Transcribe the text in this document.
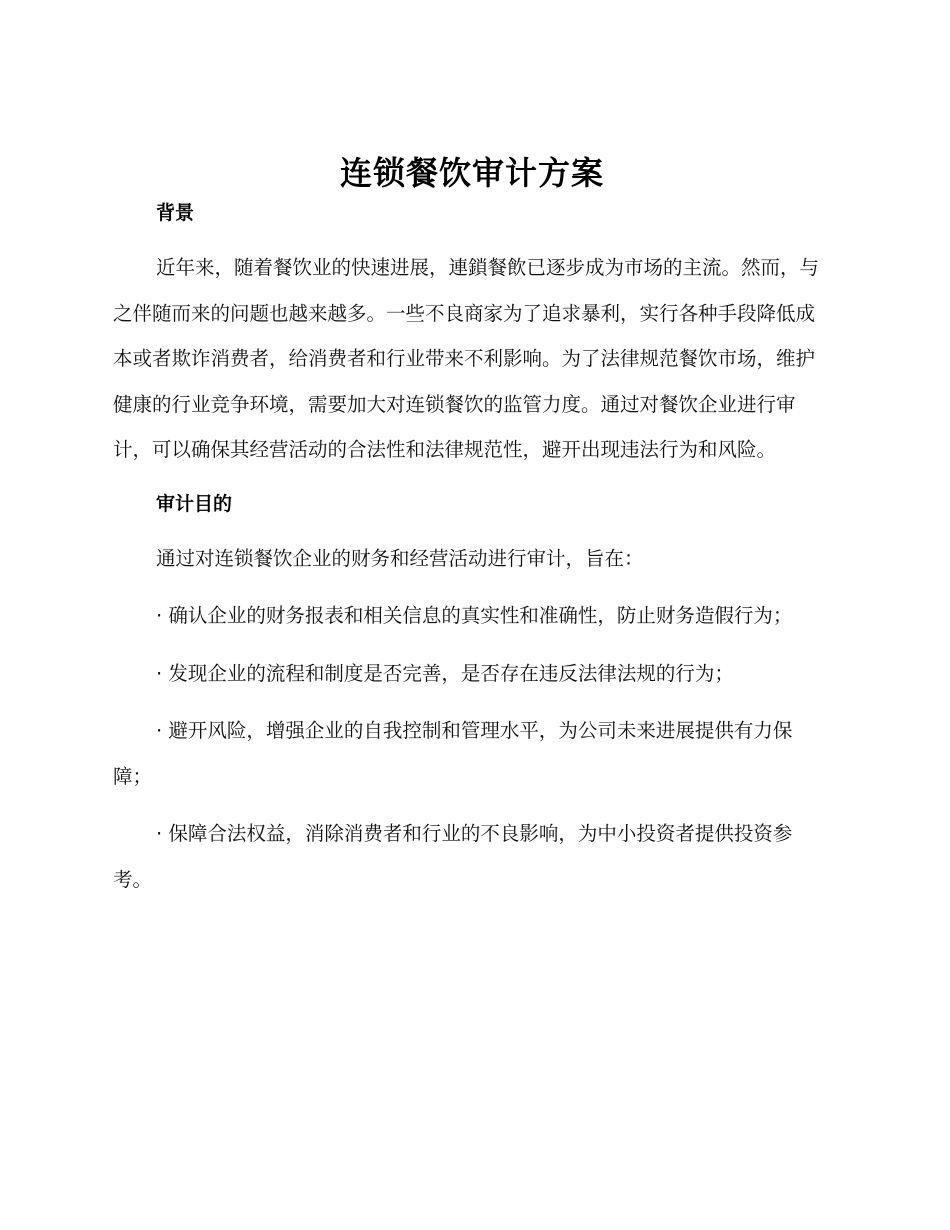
连锁餐饮审计方案
背景

近年来，随着餐饮业的快速进展，連鎖餐飲已逐步成为市场的主流。然而，与之伴随而来的问题也越来越多。一些不良商家为了追求暴利，实行各种手段降低成本或者欺诈消费者，给消费者和行业带来不利影响。为了法律规范餐饮市场，维护健康的行业竞争环境，需要加大对连锁餐饮的监管力度。通过对餐饮企业进行审计，可以确保其经营活动的合法性和法律规范性，避开出现违法行为和风险。

审计目的

通过对连锁餐饮企业的财务和经营活动进行审计，旨在：

· 确认企业的财务报表和相关信息的真实性和准确性，防止财务造假行为；

· 发现企业的流程和制度是否完善，是否存在违反法律法规的行为；

· 避开风险，增强企业的自我控制和管理水平，为公司未来进展提供有力保障；

· 保障合法权益，消除消费者和行业的不良影响，为中小投资者提供投资参考。
